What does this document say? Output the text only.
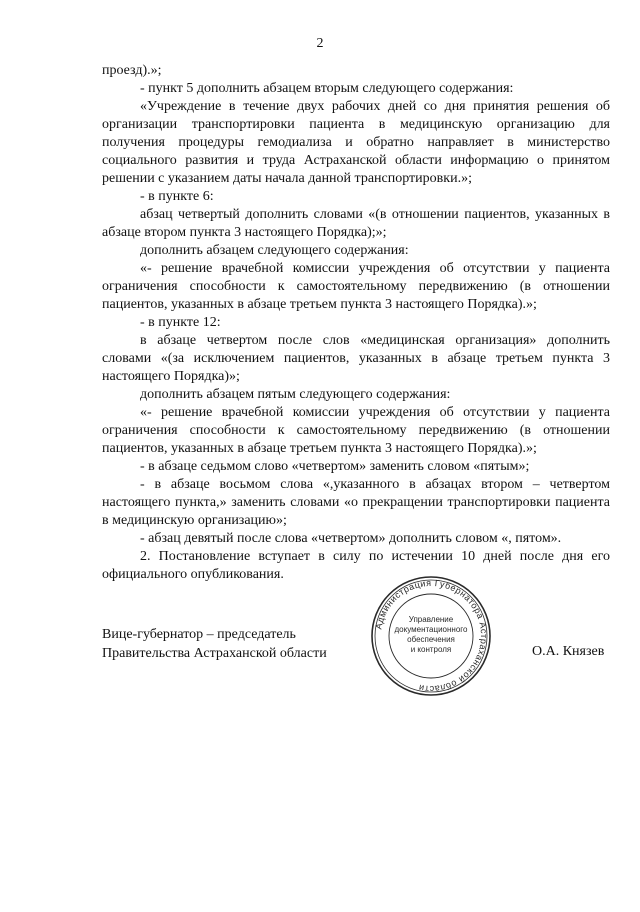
2

проезд).»;

- пункт 5 дополнить абзацем вторым следующего содержания:

«Учреждение в течение двух рабочих дней со дня принятия решения об организации транспортировки пациента в медицинскую организацию для получения процедуры гемодиализа и обратно направляет в министерство социального развития и труда Астраханской области информацию о принятом решении с указанием даты начала данной транспортировки.»;

- в пункте 6:

абзац четвертый дополнить словами «(в отношении пациентов, указанных в абзаце втором пункта 3 настоящего Порядка);»;

дополнить абзацем следующего содержания:

«- решение врачебной комиссии учреждения об отсутствии у пациента ограничения способности к самостоятельному передвижению (в отношении пациентов, указанных в абзаце третьем пункта 3 настоящего Порядка).»;

- в пункте 12:

в абзаце четвертом после слов «медицинская организация» дополнить словами «(за исключением пациентов, указанных в абзаце третьем пункта 3 настоящего Порядка)»;

дополнить абзацем пятым следующего содержания:

«- решение врачебной комиссии учреждения об отсутствии у пациента ограничения способности к самостоятельному передвижению (в отношении пациентов, указанных в абзаце третьем пункта 3 настоящего Порядка).»;

- в абзаце седьмом слово «четвертом» заменить словом «пятым»;

- в абзаце восьмом слова «,указанного в абзацах втором – четвертом настоящего пункта,» заменить словами «о прекращении транспортировки пациента в медицинскую организацию»;

- абзац девятый после слова «четвертом» дополнить словом «, пятом».

2. Постановление вступает в силу по истечении 10 дней после дня его официального опубликования.

Вице-губернатор – председатель
Правительства Астраханской области
Администрация Губернатора Астраханской области
Управление
документационного
обеспечения
и контроля	О.А. Князев
